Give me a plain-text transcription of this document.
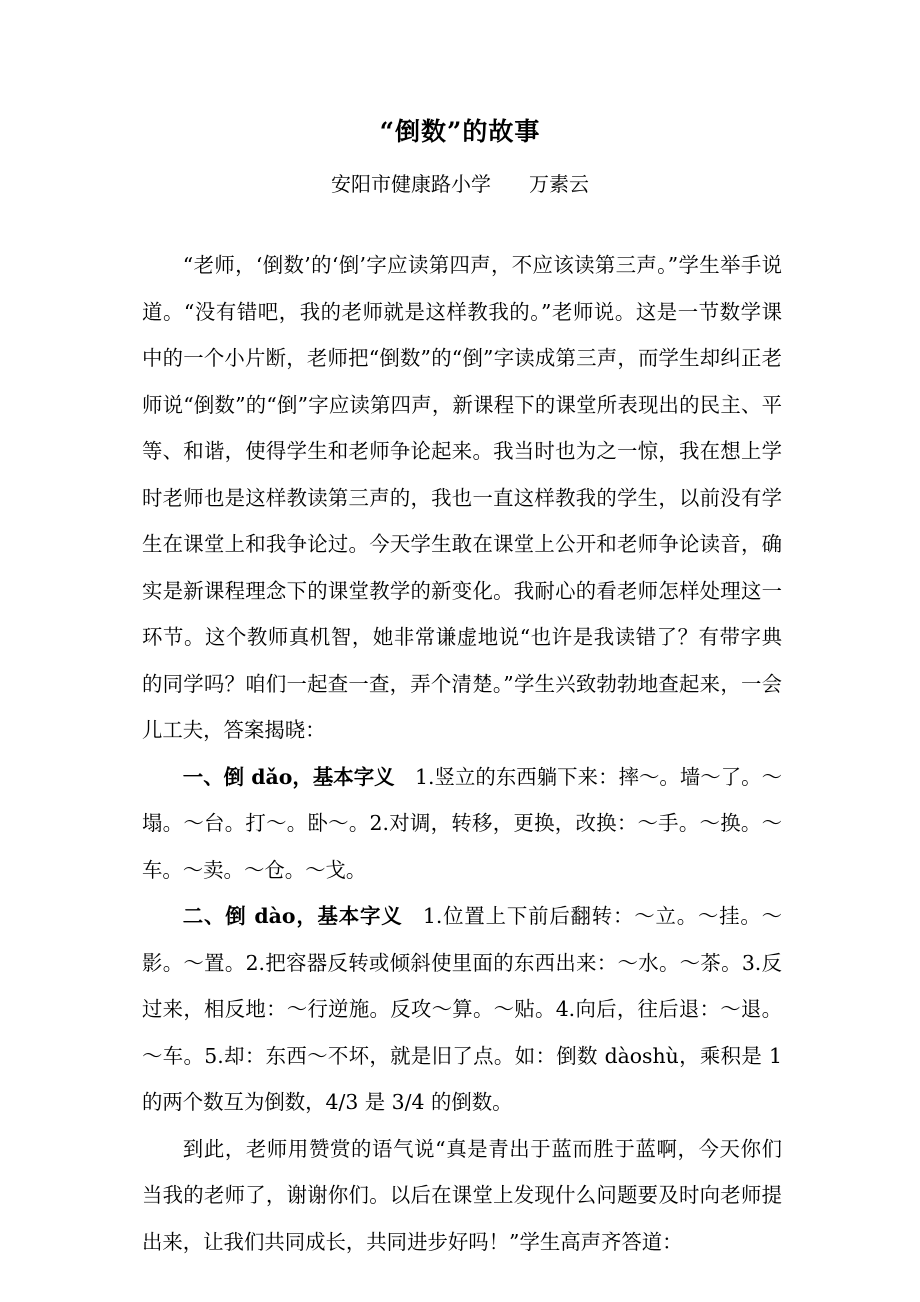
“倒数”的故事
安阳市健康路小学 万素云

“老师，‘倒数’的‘倒’字应读第四声，不应该读第三声。”学生举手说道。“没有错吧，我的老师就是这样教我的。”老师说。这是一节数学课中的一个小片断，老师把“倒数”的“倒”字读成第三声，而学生却纠正老师说“倒数”的“倒”字应读第四声，新课程下的课堂所表现出的民主、平等、和谐，使得学生和老师争论起来。我当时也为之一惊，我在想上学时老师也是这样教读第三声的，我也一直这样教我的学生，以前没有学生在课堂上和我争论过。今天学生敢在课堂上公开和老师争论读音，确实是新课程理念下的课堂教学的新变化。我耐心的看老师怎样处理这一环节。这个教师真机智，她非常谦虚地说“也许是我读错了？有带字典的同学吗？咱们一起查一查，弄个清楚。”学生兴致勃勃地查起来，一会儿工夫，答案揭晓：

一、倒 dǎo，基本字义  1.竖立的东西躺下来：摔～。墙～了。～塌。～台。打～。卧～。2.对调，转移，更换，改换：～手。～换。～车。～卖。～仓。～戈。

二、倒 dào，基本字义  1.位置上下前后翻转：～立。～挂。～影。～置。2.把容器反转或倾斜使里面的东西出来：～水。～茶。3.反过来，相反地：～行逆施。反攻～算。～贴。4.向后，往后退：～退。～车。5.却：东西～不坏，就是旧了点。如：倒数 dàoshù，乘积是 1 的两个数互为倒数，4/3 是 3/4 的倒数。

到此，老师用赞赏的语气说“真是青出于蓝而胜于蓝啊，今天你们当我的老师了，谢谢你们。以后在课堂上发现什么问题要及时向老师提出来，让我们共同成长，共同进步好吗！”学生高声齐答道：
